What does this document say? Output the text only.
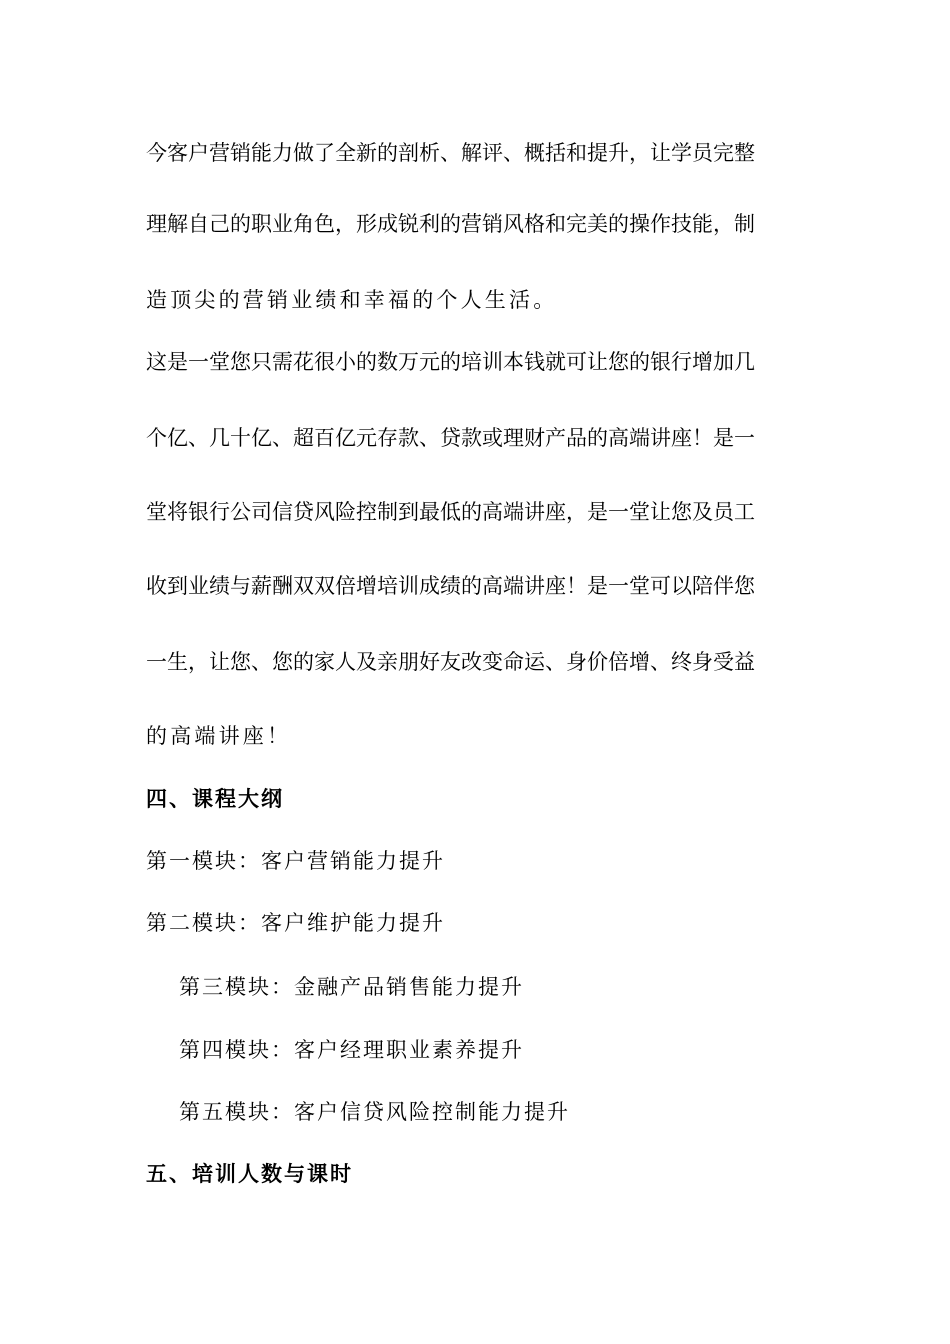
今客户营销能力做了全新的剖析、解评、概括和提升，让学员完整
理解自己的职业角色，形成锐利的营销风格和完美的操作技能，制
造顶尖的营销业绩和幸福的个人生活。
这是一堂您只需花很小的数万元的培训本钱就可让您的银行增加几
个亿、几十亿、超百亿元存款、贷款或理财产品的高端讲座！是一
堂将银行公司信贷风险控制到最低的高端讲座，是一堂让您及员工
收到业绩与薪酬双双倍增培训成绩的高端讲座！是一堂可以陪伴您
一生，让您、您的家人及亲朋好友改变命运、身价倍增、终身受益
的高端讲座！
四、课程大纲
第一模块：客户营销能力提升
第二模块：客户维护能力提升
第三模块：金融产品销售能力提升
第四模块：客户经理职业素养提升
第五模块：客户信贷风险控制能力提升
五、培训人数与课时
